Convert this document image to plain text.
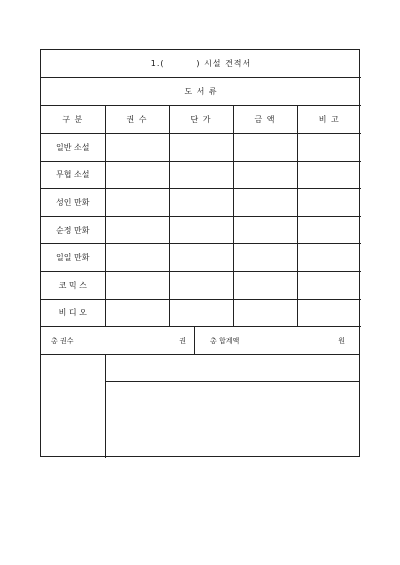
1.(         ) 시설 견적서				
도 서 류				
구 분	권 수	단 가	금 액	비 고
일반 소설				
무협 소설				
성인 만화				
순정 만화				
일일 만화				
코 믹 스				
비 디 오				
총 권수	권	총 합계액	원
